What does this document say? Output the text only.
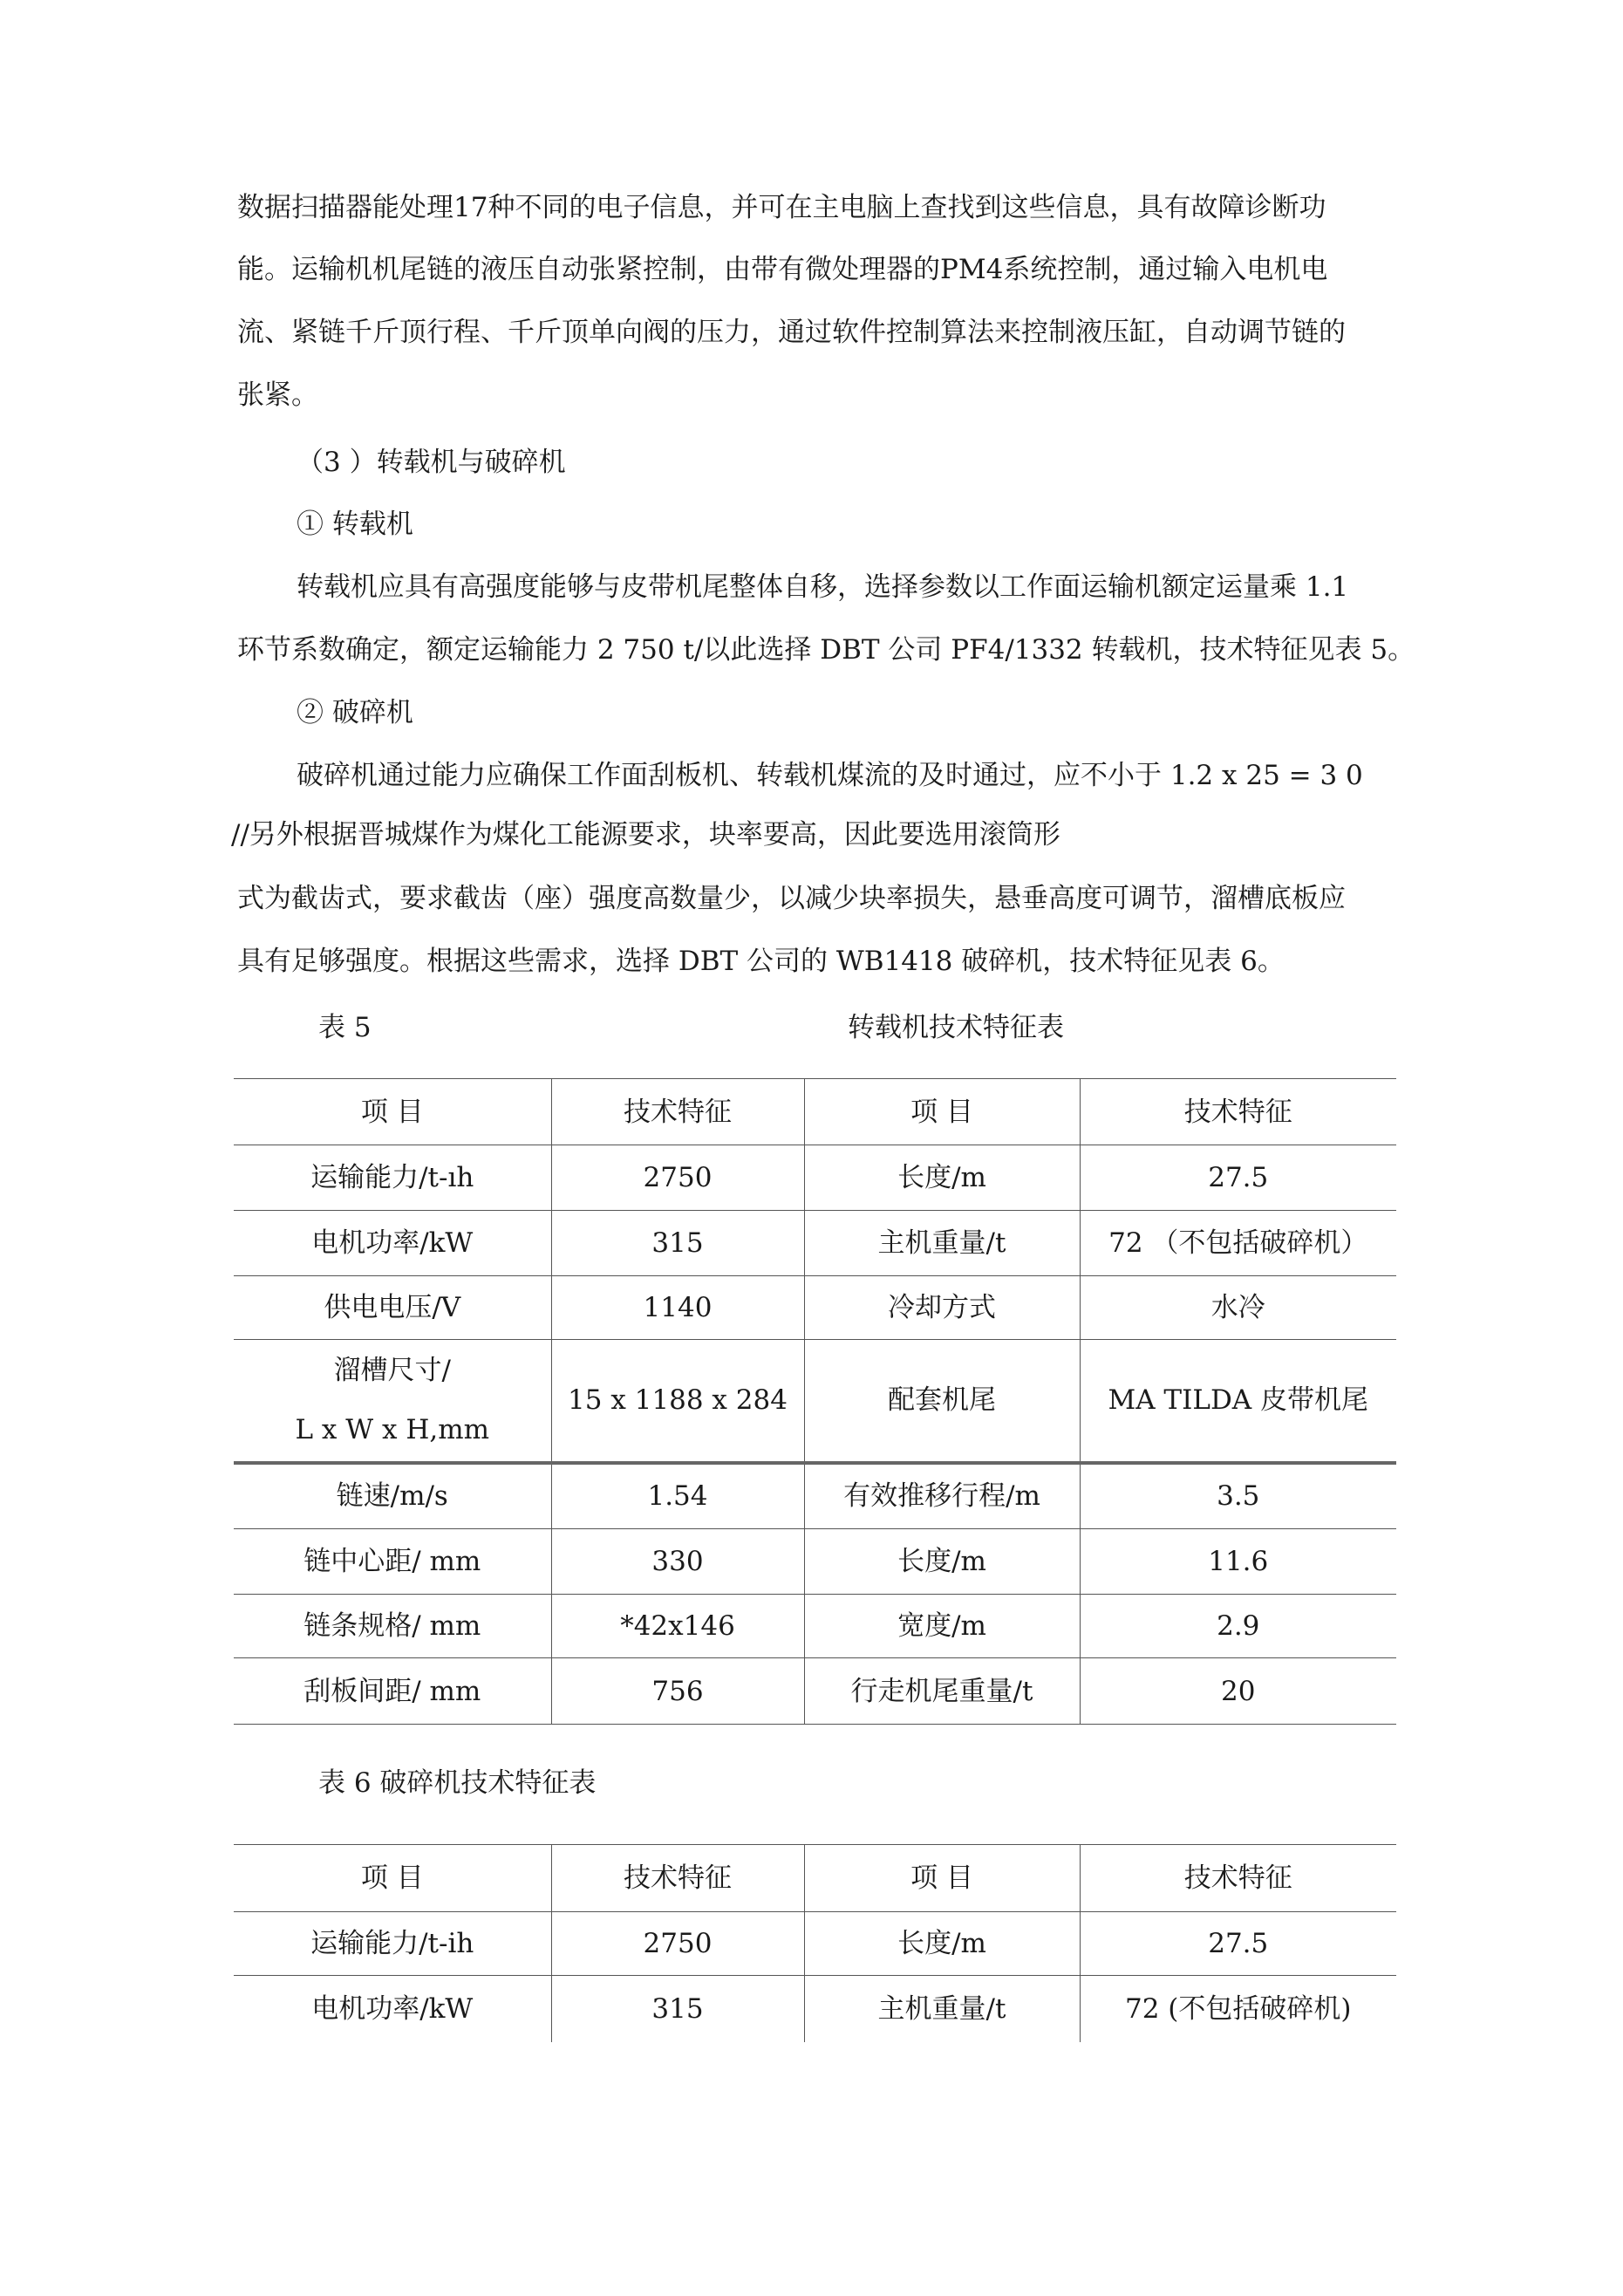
数据扫描器能处理17种不同的电子信息，并可在主电脑上查找到这些信息，具有故障诊断功
能。运输机机尾链的液压自动张紧控制，由带有微处理器的PM4系统控制，通过输入电机电
流、紧链千斤顶行程、千斤顶单向阀的压力，通过软件控制算法来控制液压缸，自动调节链的
张紧。
（3 ）转载机与破碎机
① 转载机
转载机应具有高强度能够与皮带机尾整体自移，选择参数以工作面运输机额定运量乘 1.1
环节系数确定，额定运输能力 2 750 t/以此选择 DBT 公司 PF4/1332 转载机，技术特征见表 5。
② 破碎机
破碎机通过能力应确保工作面刮板机、转载机煤流的及时通过，应不小于 1.2 x 25 = 3 0
//另外根据晋城煤作为煤化工能源要求，块率要高，因此要选用滚筒形
式为截齿式，要求截齿（座）强度高数量少，以减少块率损失，悬垂高度可调节，溜槽底板应
具有足够强度。根据这些需求，选择 DBT 公司的 WB1418 破碎机，技术特征见表 6。
表 5	转载机技术特征表
项 目	技术特征	项 目	技术特征
运输能力/t-ıh	2750	长度/m	27.5
电机功率/kW	315	主机重量/t	72 （不包括破碎机）
供电电压/V	1140	冷却方式	水冷

溜槽尺寸/
L x W x H,mm	15 x 1188 x 284	配套机尾	MA TILDA 皮带机尾
链速/m/s	1.54	有效推移行程/m	3.5
链中心距/ mm	330	长度/m	11.6
链条规格/ mm	*42x146	宽度/m	2.9
刮板间距/ mm	756	行走机尾重量/t	20
表 6 破碎机技术特征表
项 目	技术特征	项 目	技术特征
运输能力/t-ih	2750	长度/m	27.5
电机功率/kW	315	主机重量/t	72 (不包括破碎机)
